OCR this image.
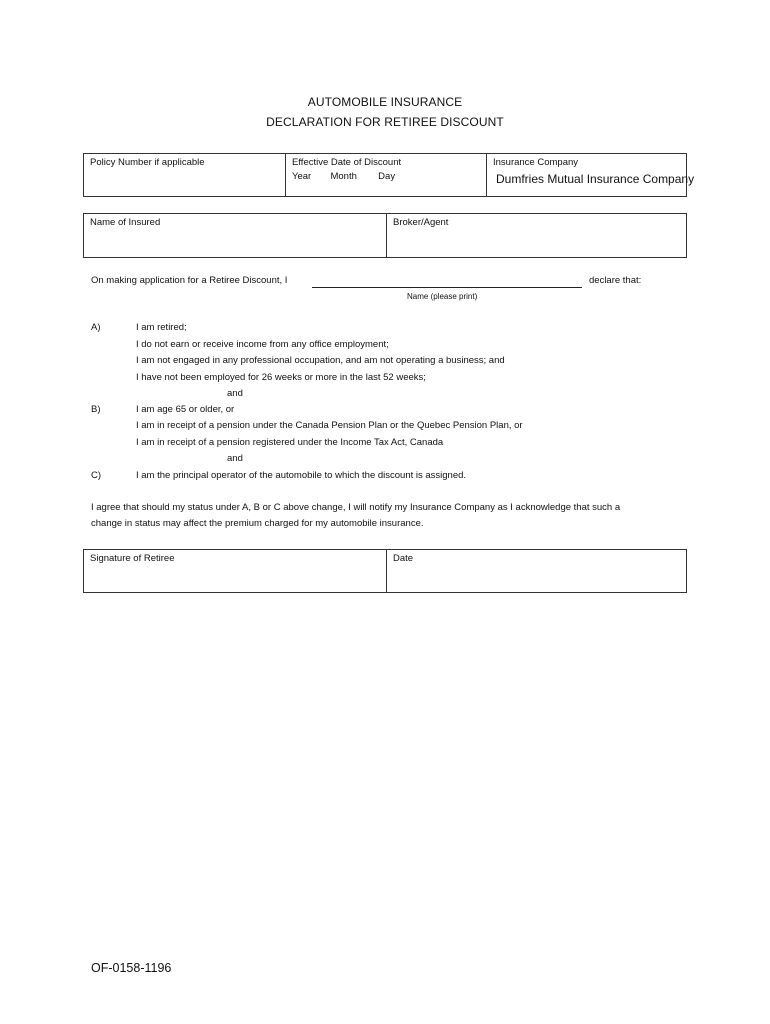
AUTOMOBILE INSURANCE
DECLARATION FOR RETIREE DISCOUNT
Policy Number if applicable	Effective Date of Discount
Year Month Day
Insurance Company
Dumfries Mutual Insurance Company
Name of Insured	Broker/Agent
On making application for a Retiree Discount, I	declare that:
Name (please print)
A)	I am retired;
I do not earn or receive income from any office employment;
I am not engaged in any professional occupation, and am not operating a business; and
I have not been employed for 26 weeks or more in the last 52 weeks;
and
B)	I am age 65 or older, or
I am in receipt of a pension under the Canada Pension Plan or the Quebec Pension Plan, or
I am in receipt of a pension registered under the Income Tax Act, Canada
and
C)	I am the principal operator of the automobile to which the discount is assigned.
I agree that should my status under A, B or C above change, I will notify my Insurance Company as I acknowledge that such a
change in status may affect the premium charged for my automobile insurance.
Signature of Retiree	Date
OF-0158-1196
